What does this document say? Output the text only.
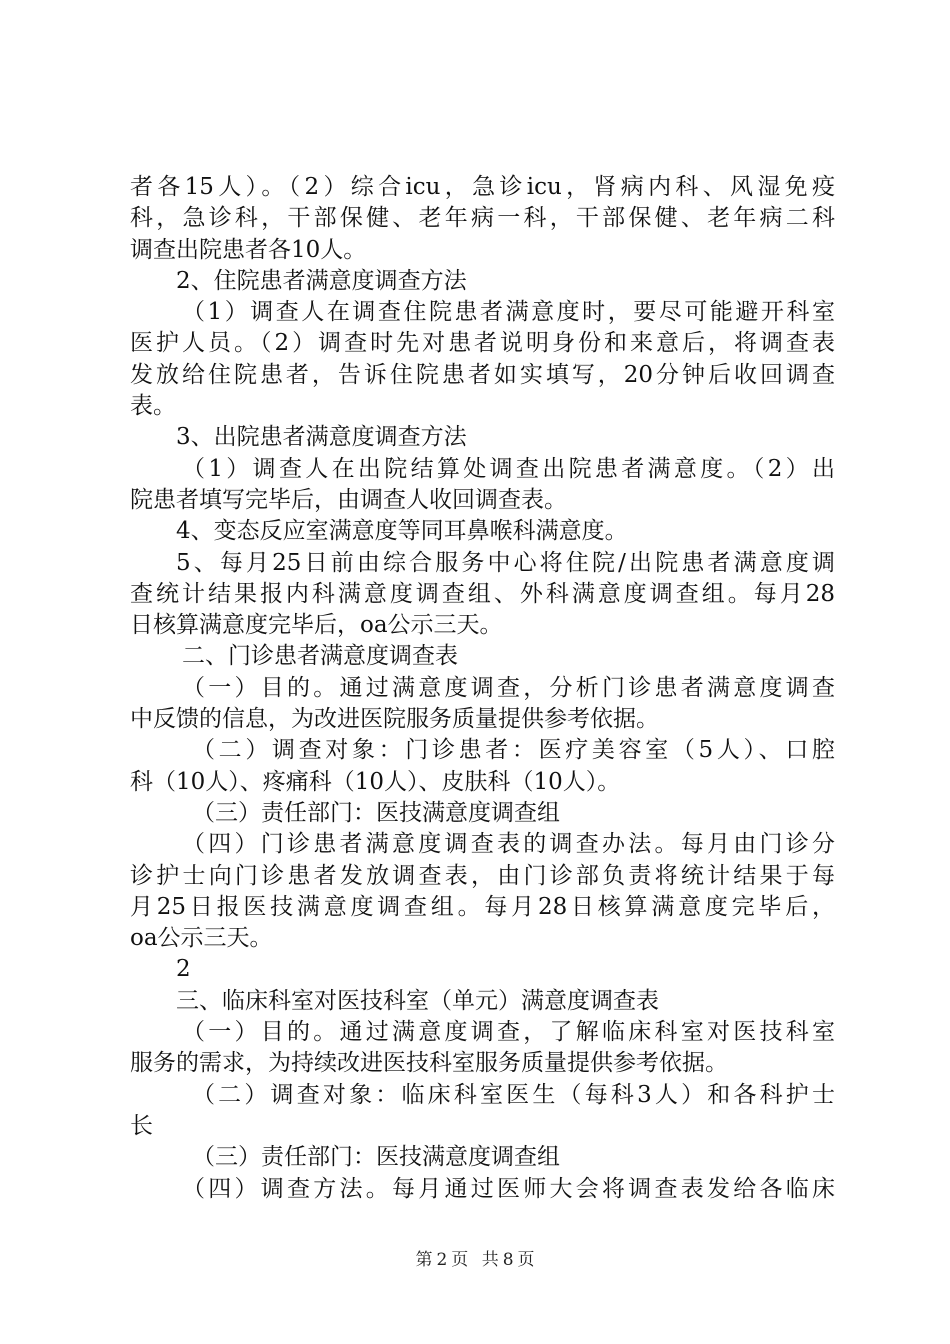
者各15人）。（2）综合icu，急诊icu，肾病内科、风湿免疫
科，急诊科，干部保健、老年病一科，干部保健、老年病二科
调查出院患者各10人。
2、住院患者满意度调查方法
（1）调查人在调查住院患者满意度时，要尽可能避开科室
医护人员。（2）调查时先对患者说明身份和来意后，将调查表
发放给住院患者，告诉住院患者如实填写，20分钟后收回调查
表。
3、出院患者满意度调查方法
（1）调查人在出院结算处调查出院患者满意度。（2）出
院患者填写完毕后，由调查人收回调查表。
4、变态反应室满意度等同耳鼻喉科满意度。
5、每月25日前由综合服务中心将住院/出院患者满意度调
查统计结果报内科满意度调查组、外科满意度调查组。每月28
日核算满意度完毕后，oa公示三天。
二、门诊患者满意度调查表
（一）目的。通过满意度调查，分析门诊患者满意度调查
中反馈的信息，为改进医院服务质量提供参考依据。
（二）调查对象：门诊患者：医疗美容室（5人）、口腔
科（10人）、疼痛科（10人）、皮肤科（10人）。
（三）责任部门：医技满意度调查组
（四）门诊患者满意度调查表的调查办法。每月由门诊分
诊护士向门诊患者发放调查表，由门诊部负责将统计结果于每
月25日报医技满意度调查组。每月28日核算满意度完毕后，
oa公示三天。
2
三、临床科室对医技科室（单元）满意度调查表
（一）目的。通过满意度调查，了解临床科室对医技科室
服务的需求，为持续改进医技科室服务质量提供参考依据。
（二）调查对象：临床科室医生（每科3人）和各科护士
长
（三）责任部门：医技满意度调查组
（四）调查方法。每月通过医师大会将调查表发给各临床
第 2 页 共 8 页
